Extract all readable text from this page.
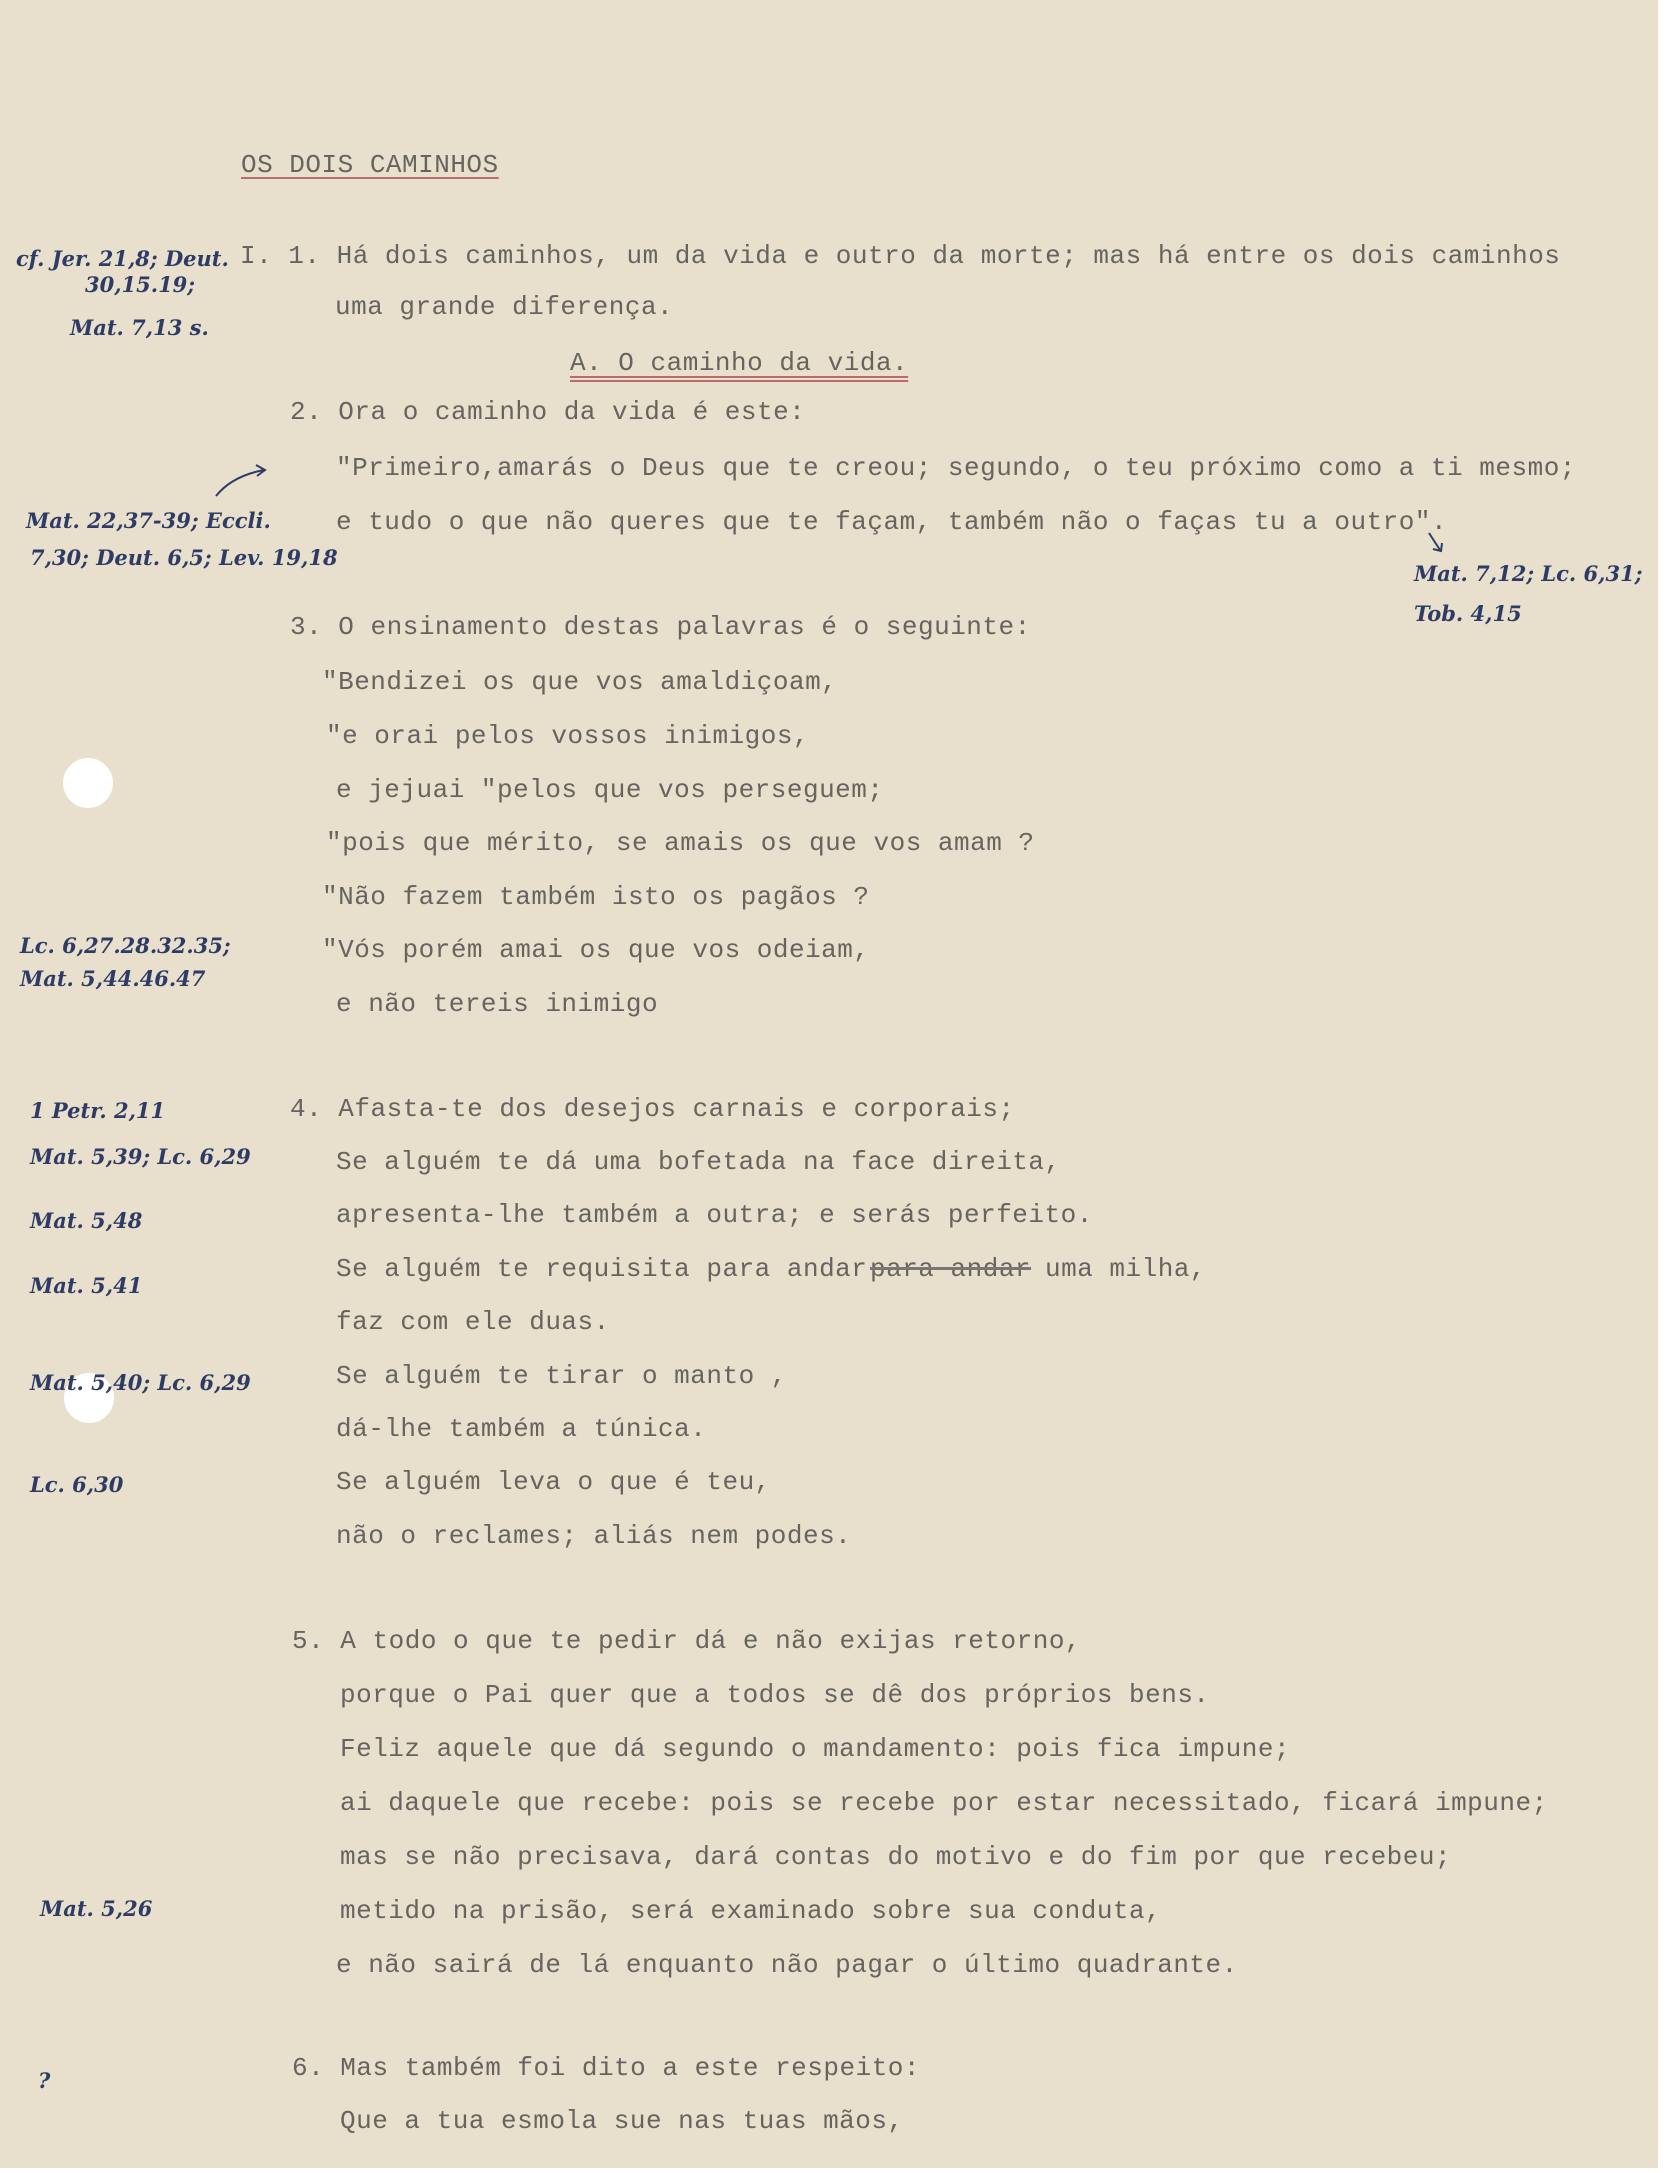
OS DOIS CAMINHOS
I. 1. Há dois caminhos, um da vida e outro da morte; mas há entre os dois caminhos
uma grande diferença.
A. O caminho da vida.
2. Ora o caminho da vida é este:
"Primeiro,amarás o Deus que te creou; segundo, o teu próximo como a ti mesmo;
e tudo o que não queres que te façam, também não o faças tu a outro".
3. O ensinamento destas palavras é o seguinte:
"Bendizei os que vos amaldiçoam,
"e orai pelos vossos inimigos,
e jejuai "pelos que vos perseguem;
"pois que mérito, se amais os que vos amam ?
"Não fazem também isto os pagãos ?
"Vós porém amai os que vos odeiam,
e não tereis inimigo
4. Afasta-te dos desejos carnais e corporais;
Se alguém te dá uma bofetada na face direita,
apresenta-lhe também a outra; e serás perfeito.
Se alguém te requisita para andar para andar uma milha,
faz com ele duas.
Se alguém te tirar o manto ,
dá-lhe também a túnica.
Se alguém leva o que é teu,
não o reclames; aliás nem podes.
5. A todo o que te pedir dá e não exijas retorno,
porque o Pai quer que a todos se dê dos próprios bens.
Feliz aquele que dá segundo o mandamento: pois fica impune;
ai daquele que recebe: pois se recebe por estar necessitado, ficará impune;
mas se não precisava, dará contas do motivo e do fim por que recebeu;
metido na prisão, será examinado sobre sua conduta,
e não sairá de lá enquanto não pagar o último quadrante.
6. Mas também foi dito a este respeito:
Que a tua esmola sue nas tuas mãos,
cf. Jer. 21,8; Deut.
30,15.19;
Mat. 7,13 s.
Mat. 22,37-39; Eccli.
7,30; Deut. 6,5; Lev. 19,18
Mat. 7,12; Lc. 6,31;
Tob. 4,15
Lc. 6,27.28.32.35;
Mat. 5,44.46.47
1 Petr. 2,11
Mat. 5,39; Lc. 6,29
Mat. 5,48
Mat. 5,41
Mat. 5,40; Lc. 6,29
Lc. 6,30
Mat. 5,26
?
